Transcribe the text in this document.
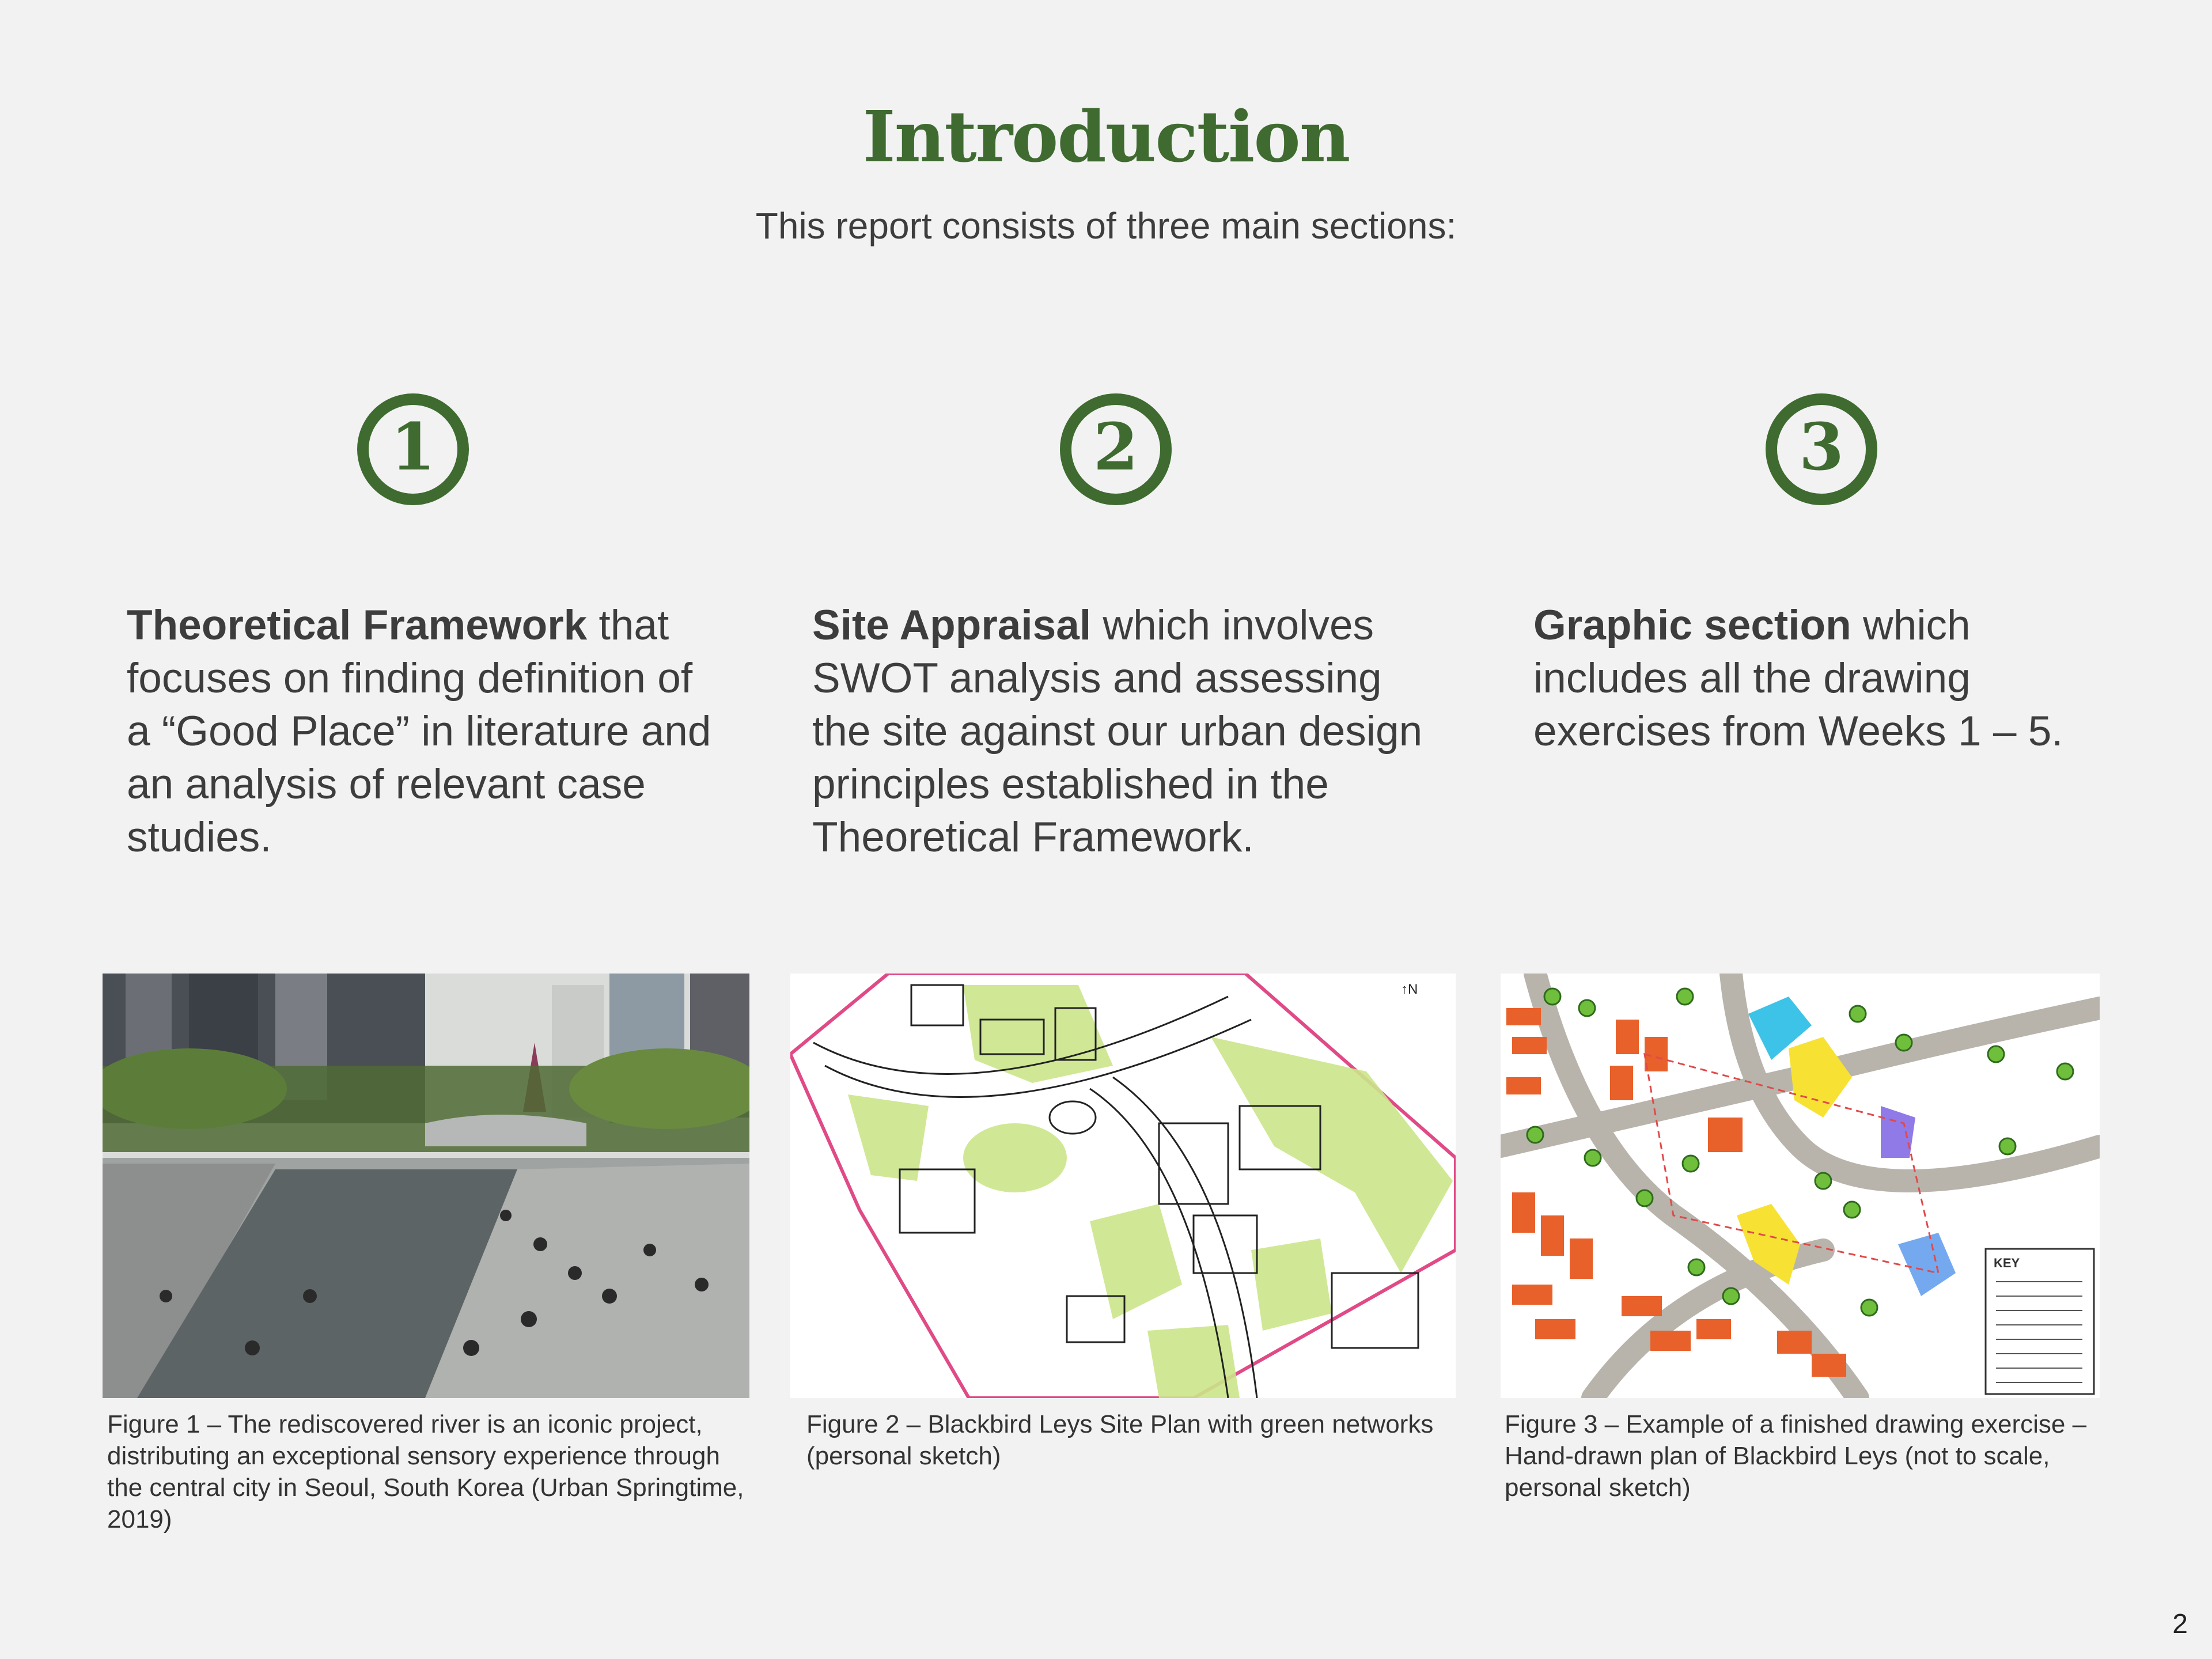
Introduction
This report consists of three main sections:
1	2	3
Theoretical Framework that focuses on finding definition of a “Good Place” in literature and an analysis of relevant case studies.
Site Appraisal which involves SWOT analysis and assessing the site against our urban design principles established in the Theoretical Framework.
Graphic section which includes all the drawing exercises from Weeks 1 – 5.
↑N
KEY
Figure 1 – The rediscovered river is an iconic project, distributing an exceptional sensory experience through the central city in Seoul, South Korea (Urban Springtime, 2019)
Figure 2 – Blackbird Leys Site Plan with green networks (personal sketch)
Figure 3 – Example of a finished drawing exercise – Hand-drawn plan of Blackbird Leys (not to scale, personal sketch)
2
